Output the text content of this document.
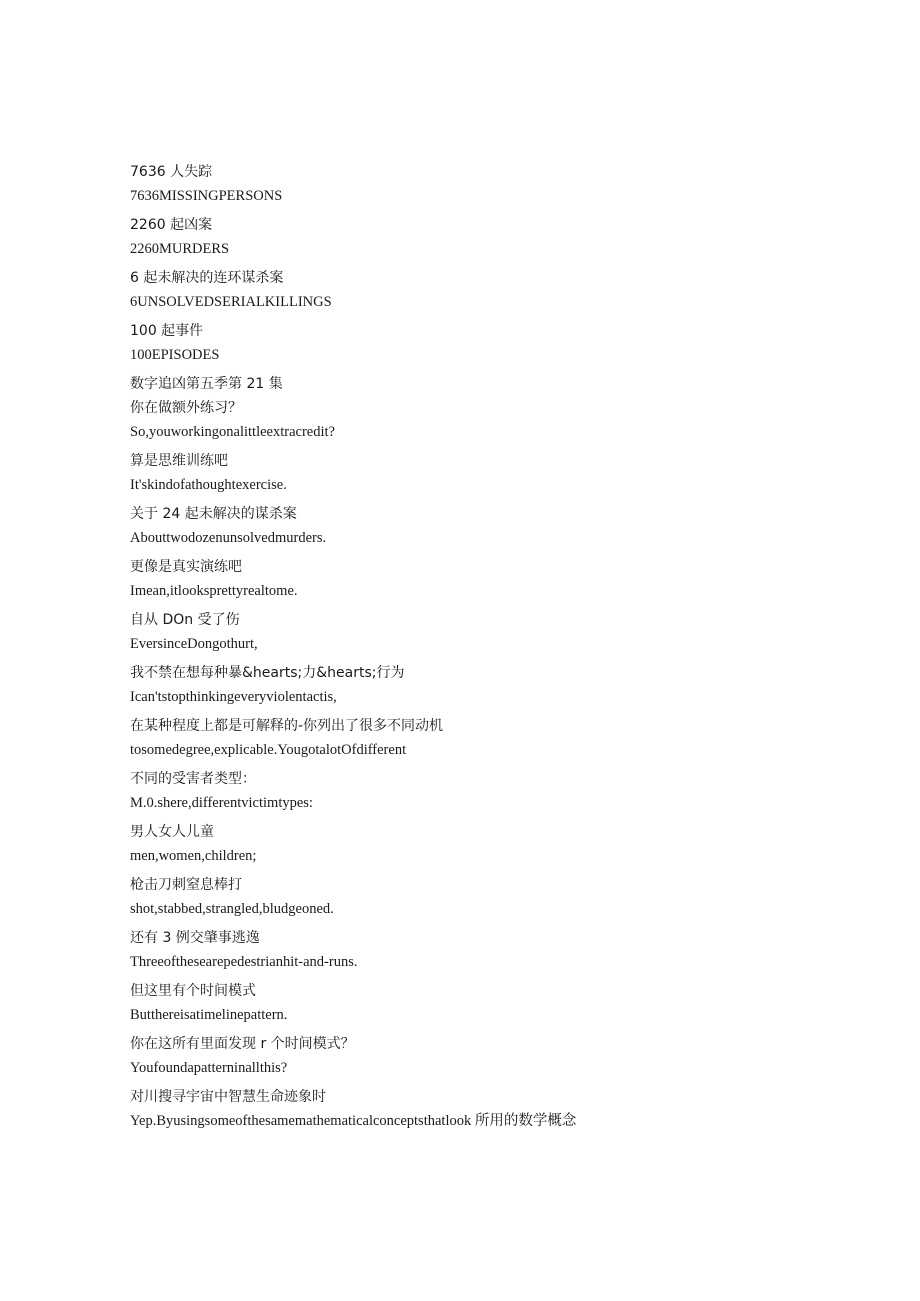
7636 人失踪
7636MISSINGPERSONS
2260 起凶案
2260MURDERS
6 起未解决的连环谋杀案
6UNSOLVEDSERIALKILLINGS
100 起事件
100EPISODES
数字追凶第五季第 21 集
你在做额外练习？
So,youworkingonalittleextracredit?
算是思维训练吧
It'skindofathoughtexercise.
关于 24 起未解决的谋杀案
Abouttwodozenunsolvedmurders.
更像是真实演练吧
Imean,itlooksprettyrealtome.
自从 DOn 受了伤
EversinceDongothurt,
我不禁在想每种暴&hearts;力&hearts;行为
Ican'tstopthinkingeveryviolentactis,
在某种程度上都是可解释的-你列出了很多不同动机
tosomedegree,explicable.YougotalotOfdifferent
不同的受害者类型：
M.0.shere,differentvictimtypes:
男人女人儿童
men,women,children;
枪击刀刺窒息棒打
shot,stabbed,strangled,bludgeoned.
还有 3 例交肇事逃逸
Threeofthesearepedestrianhit-and-runs.
但这里有个时间模式
Butthereisatimelinepattern.
你在这所有里面发现 r 个时间模式？
Youfoundapatterninallthis?
对川搜寻宇宙中智慧生命迹象时
Yep.Byusingsomeofthesamemathematicalconceptsthatlook 所用的数学概念
